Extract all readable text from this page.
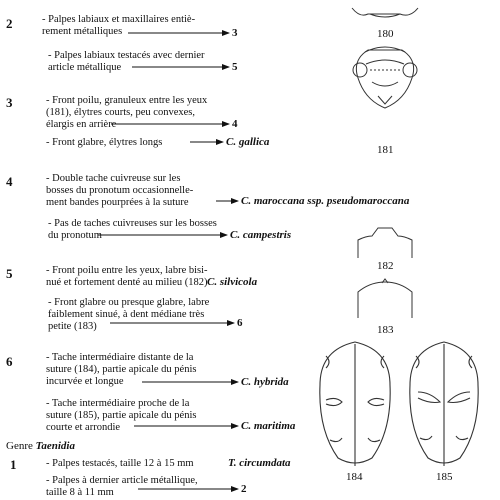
2	- Palpes labiaux et maxillaires entiè-
rement métalliques	3
- Palpes labiaux testacés avec dernier
article métallique	5
3	- Front poilu, granuleux entre les yeux
(181), élytres courts, peu convexes,
élargis en arrière	4
- Front glabre, élytres longs	C. gallica
4	- Double tache cuivreuse sur les
bosses du pronotum occasionnelle-
ment bandes pourprées à la suture	C. maroccana ssp. pseudomaroccana
- Pas de taches cuivreuses sur les bosses
du pronotum	C. campestris
5	- Front poilu entre les yeux, labre bisi-
nué et fortement denté au milieu (182) C. silvicola
- Front glabre ou presque glabre, labre
faiblement sinué, à dent médiane très
petite (183)	6
6	- Tache intermédiaire distante de la
suture (184), partie apicale du pénis
incurvée et longue	C. hybrida
- Tache intermédiaire proche de la
suture (185), partie apicale du pénis
courte et arrondie	C. maritima
Genre Taenidia
1	- Palpes testacés, taille 12 à 15 mm	T. circumdata
- Palpes à dernier article métallique,
taille 8 à 11 mm	2
180
181
182
183
184	185
